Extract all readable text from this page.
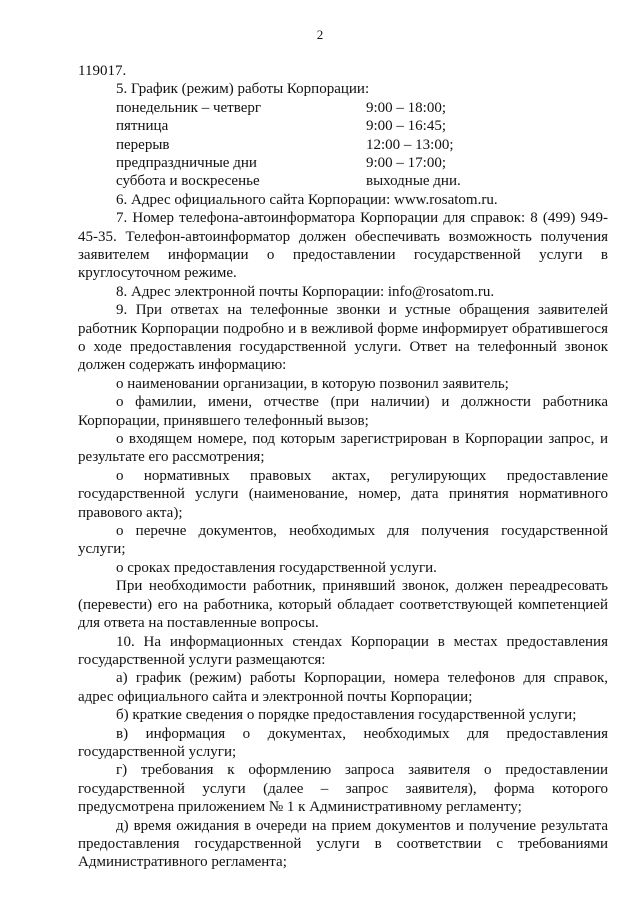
2

119017.

5. График (режим) работы Корпорации:

понедельник – четверг	9:00 – 18:00;
пятница	9:00 – 16:45;
перерыв	12:00 – 13:00;
предпраздничные дни	9:00 – 17:00;
суббота и воскресенье	выходные дни.

6. Адрес официального сайта Корпорации: www.rosatom.ru.

7. Номер телефона-автоинформатора Корпорации для справок: 8 (499) 949-45-35. Телефон-автоинформатор должен обеспечивать возможность получения заявителем информации о предоставлении государственной услуги в круглосуточном режиме.

8. Адрес электронной почты Корпорации: info@rosatom.ru.

9. При ответах на телефонные звонки и устные обращения заявителей работник Корпорации подробно и в вежливой форме информирует обратившегося о ходе предоставления государственной услуги. Ответ на телефонный звонок должен содержать информацию:

о наименовании организации, в которую позвонил заявитель;

о фамилии, имени, отчестве (при наличии) и должности работника Корпорации, принявшего телефонный вызов;

о входящем номере, под которым зарегистрирован в Корпорации запрос, и результате его рассмотрения;

о нормативных правовых актах, регулирующих предоставление государственной услуги (наименование, номер, дата принятия нормативного правового акта);

о перечне документов, необходимых для получения государственной услуги;

о сроках предоставления государственной услуги.

При необходимости работник, принявший звонок, должен переадресовать (перевести) его на работника, который обладает соответствующей компетенцией для ответа на поставленные вопросы.

10. На информационных стендах Корпорации в местах предоставления государственной услуги размещаются:

а) график (режим) работы Корпорации, номера телефонов для справок, адрес официального сайта и электронной почты Корпорации;

б) краткие сведения о порядке предоставления государственной услуги;

в) информация о документах, необходимых для предоставления государственной услуги;

г) требования к оформлению запроса заявителя о предоставлении государственной услуги (далее – запрос заявителя), форма которого предусмотрена приложением № 1 к Административному регламенту;

д) время ожидания в очереди на прием документов и получение результата предоставления государственной услуги в соответствии с требованиями Административного регламента;
